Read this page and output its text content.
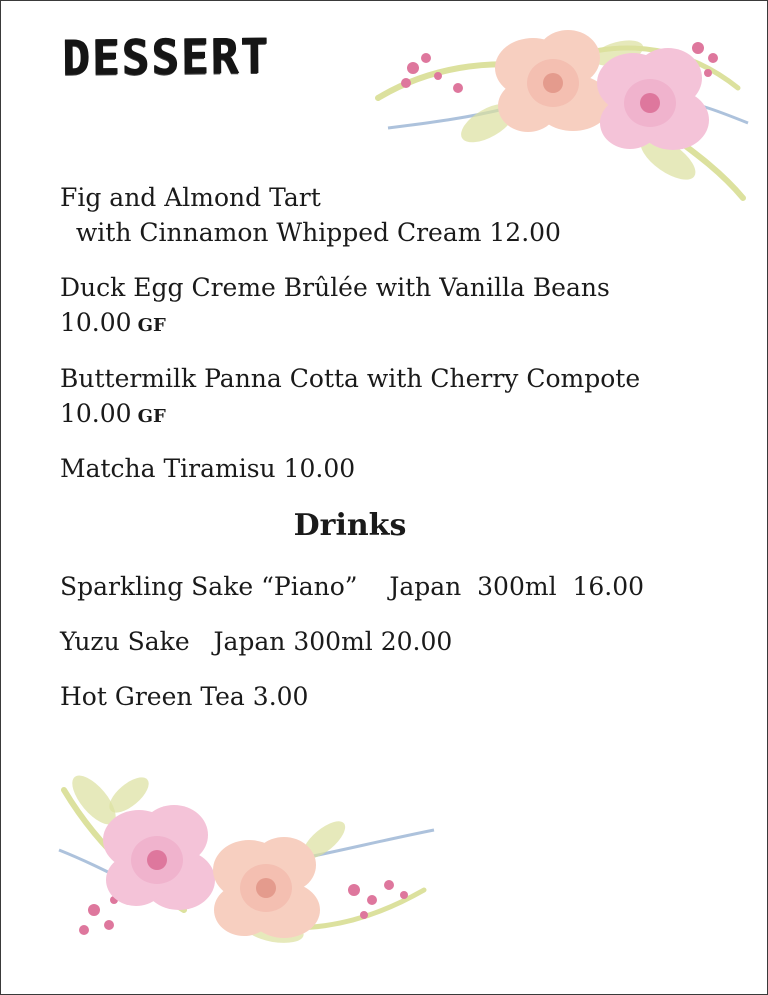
DESSERT
Fig and Almond Tart
with Cinnamon Whipped Cream 12.00
Duck Egg Creme Brûlée with Vanilla Beans
10.00 GF
Buttermilk Panna Cotta with Cherry Compote
10.00 GF
Matcha Tiramisu 10.00
Drinks
Sparkling Sake “Piano”    Japan  300ml  16.00
Yuzu Sake   Japan 300ml 20.00
Hot Green Tea 3.00
